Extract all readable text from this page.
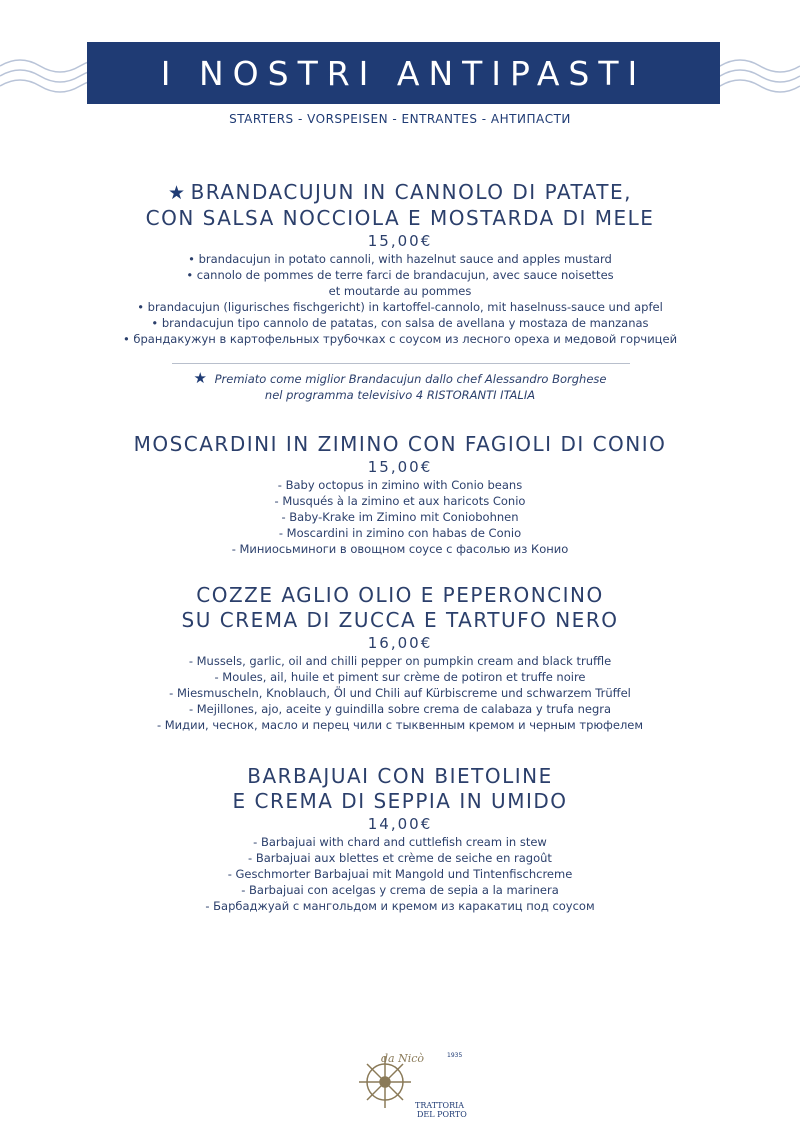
I NOSTRI ANTIPASTI
STARTERS - VORSPEISEN - ENTRANTES - АНТИПАСТИ
★ BRANDACUJUN IN CANNOLO DI PATATE,
CON SALSA NOCCIOLA E MOSTARDA DI MELE
15,00€
• brandacujun in potato cannoli, with hazelnut sauce and apples mustard
• cannolo de pommes de terre farci de brandacujun, avec sauce noisettes
et moutarde au pommes
• brandacujun (ligurisches fischgericht) in kartoffel-cannolo, mit haselnuss-sauce und apfel
• brandacujun tipo cannolo de patatas, con salsa de avellana y mostaza de manzanas
• брандакужун в картофельных трубочках с соусом из лесного ореха и медовой горчицей
★ Premiato come miglior Brandacujun dallo chef Alessandro Borghese
nel programma televisivo 4 RISTORANTI ITALIA
MOSCARDINI IN ZIMINO CON FAGIOLI DI CONIO
15,00€
- Baby octopus in zimino with Conio beans
- Musqués à la zimino et aux haricots Conio
- Baby-Krake im Zimino mit Coniobohnen
- Moscardini in zimino con habas de Conio
- Миниосьминоги в овощном соусе с фасолью из Конио
COZZE AGLIO OLIO E PEPERONCINO
SU CREMA DI ZUCCA E TARTUFO NERO
16,00€
- Mussels, garlic, oil and chilli pepper on pumpkin cream and black truffle
- Moules, ail, huile et piment sur crème de potiron et truffe noire
- Miesmuscheln, Knoblauch, Öl und Chili auf Kürbiscreme und schwarzem Trüffel
- Mejillones, ajo, aceite y guindilla sobre crema de calabaza y trufa negra
- Мидии, чеснок, масло и перец чили с тыквенным кремом и черным трюфелем
BARBAJUAI CON BIETOLINE
E CREMA DI SEPPIA IN UMIDO
14,00€
- Barbajuai with chard and cuttlefish cream in stew
- Barbajuai aux blettes et crème de seiche en ragoût
- Geschmorter Barbajuai mit Mangold und Tintenfischcreme
- Barbajuai con acelgas y crema de sepia a la marinera
- Барбаджуай с мангольдом и кремом из каракатиц под соусом
da Nicò	1935
TRATTORIA
DEL PORTO
